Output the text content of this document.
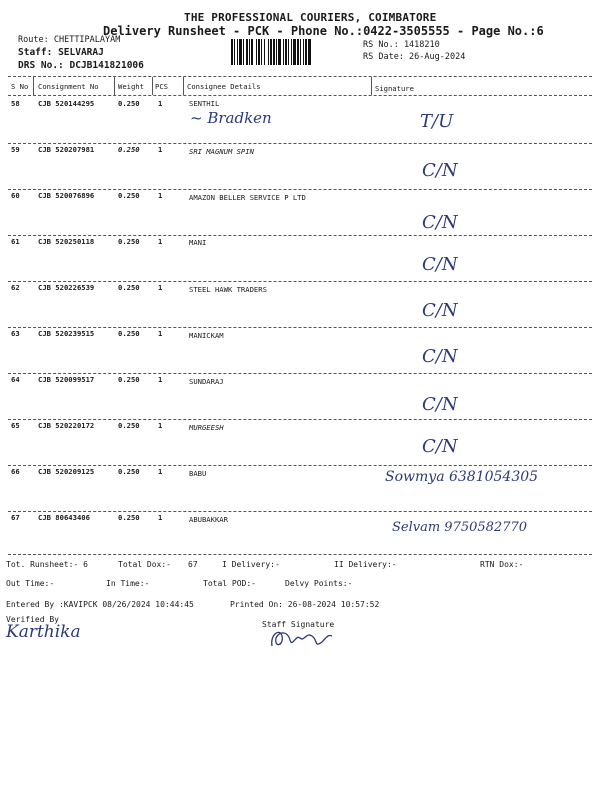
THE PROFESSIONAL COURIERS, COIMBATORE
Delivery Runsheet - PCK - Phone No.:0422-3505555 - Page No.:6
Route: CHETTIPALAYAM
Staff: SELVARAJ
DRS No.: DCJB141821006
RS No.: 1418210
RS Date: 26-Aug-2024
S No Consignment No	Weight PCS	Consignee Details	Signature
58	CJB 520144295	0.250	1	SENTHIL
~ Bradken	T/U
59	CJB 520207981	0.250	1	SRI MAGNUM SPIN
C/N
60	CJB 520076896	0.250	1	AMAZON BELLER SERVICE P LTD
C/N
61	CJB 520250118	0.250	1	MANI
C/N
62	CJB 520226539	0.250	1	STEEL HAWK TRADERS
C/N
63	CJB 520239515	0.250	1	MANICKAM
C/N
64	CJB 520099517	0.250	1	SUNDARAJ
C/N
65	CJB 520220172	0.250	1	MURGEESH
C/N
66	CJB 520209125	0.250	1	BABU	Sowmya 6381054305
67	CJB 80643406	0.250	1	ABUBAKKAR
Selvam 9750582770
Tot. Runsheet:- 6	Total Dox:- 67	I Delivery:-	II Delivery:-	RTN Dox:-
Out Time:-	In Time:-	Total POD:-	Delvy Points:-
Entered By :KAVIPCK 08/26/2024 10:44:45	Printed On: 26-08-2024 10:57:52
Verified By
Karthika	Staff Signature
